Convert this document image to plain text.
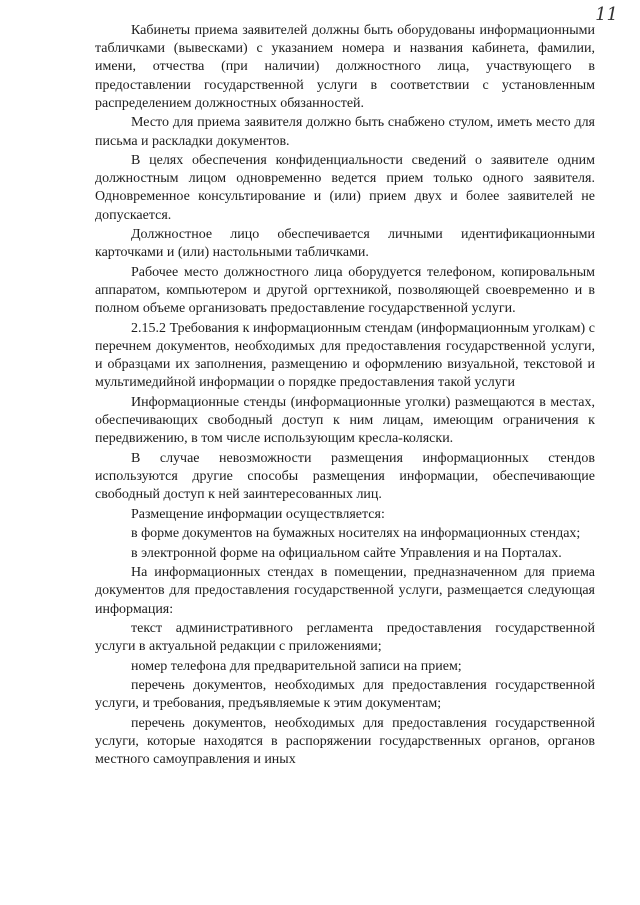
11

Кабинеты приема заявителей должны быть оборудованы информационными табличками (вывесками) с указанием номера и названия кабинета, фамилии, имени, отчества (при наличии) должностного лица, участвующего в предоставлении государственной услуги в соответствии с установленным распределением должностных обязанностей.

Место для приема заявителя должно быть снабжено стулом, иметь место для письма и раскладки документов.

В целях обеспечения конфиденциальности сведений о заявителе одним должностным лицом одновременно ведется прием только одного заявителя. Одновременное консультирование и (или) прием двух и более заявителей не допускается.

Должностное лицо обеспечивается личными идентификационными карточками и (или) настольными табличками.

Рабочее место должностного лица оборудуется телефоном, копировальным аппаратом, компьютером и другой оргтехникой, позволяющей своевременно и в полном объеме организовать предоставление государственной услуги.

2.15.2 Требования к информационным стендам (информационным уголкам) с перечнем документов, необходимых для предоставления государственной услуги, и образцами их заполнения, размещению и оформлению визуальной, текстовой и мультимедийной информации о порядке предоставления такой услуги

Информационные стенды (информационные уголки) размещаются в местах, обеспечивающих свободный доступ к ним лицам, имеющим ограничения к передвижению, в том числе использующим кресла-коляски.

В случае невозможности размещения информационных стендов используются другие способы размещения информации, обеспечивающие свободный доступ к ней заинтересованных лиц.

Размещение информации осуществляется:

в форме документов на бумажных носителях на информационных стендах;

в электронной форме на официальном сайте Управления и на Порталах.

На информационных стендах в помещении, предназначенном для приема документов для предоставления государственной услуги, размещается следующая информация:

текст административного регламента предоставления государственной услуги в актуальной редакции с приложениями;

номер телефона для предварительной записи на прием;

перечень документов, необходимых для предоставления государственной услуги, и требования, предъявляемые к этим документам;

перечень документов, необходимых для предоставления государственной услуги, которые находятся в распоряжении государственных органов, органов местного самоуправления и иных
